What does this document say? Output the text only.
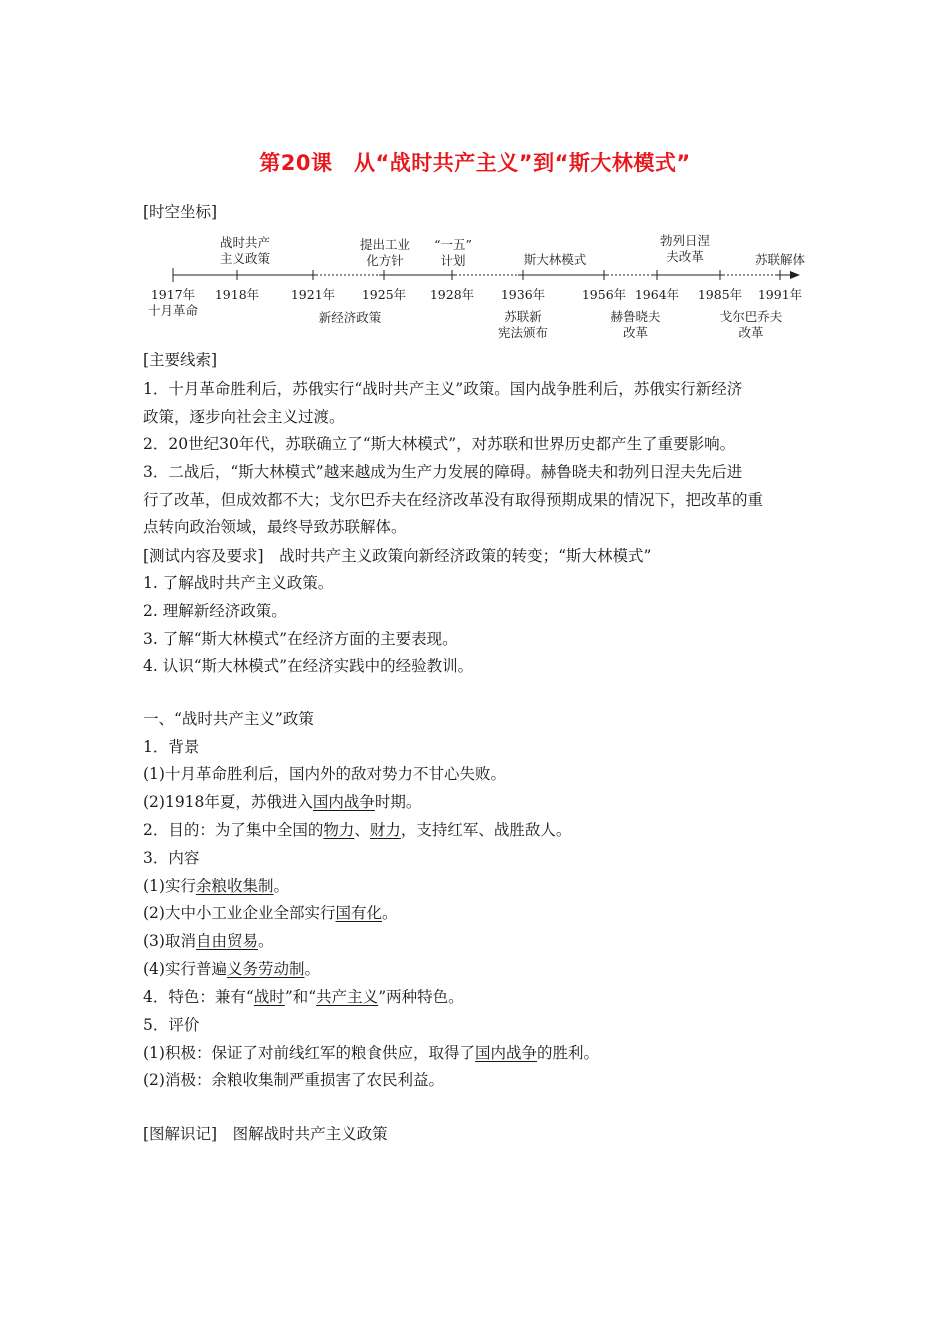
第20课　从“战时共产主义”到“斯大林模式”
[时空坐标]
战时共产
主义政策
提出工业
化方针
“一五”
计划	斯大林模式
勃列日涅
夫改革	苏联解体
1917年 1918年	1921年 1925年 1928年 1936年	1956年 1964年 1985年 1991年
十月革命	新经济政策	苏联新
宪法颁布
赫鲁晓夫
改革
戈尔巴乔夫
改革
[主要线索]
1．十月革命胜利后，苏俄实行“战时共产主义”政策。国内战争胜利后，苏俄实行新经济
政策，逐步向社会主义过渡。
2．20世纪30年代，苏联确立了“斯大林模式”，对苏联和世界历史都产生了重要影响。
3．二战后，“斯大林模式”越来越成为生产力发展的障碍。赫鲁晓夫和勃列日涅夫先后进
行了改革，但成效都不大；戈尔巴乔夫在经济改革没有取得预期成果的情况下，把改革的重
点转向政治领域，最终导致苏联解体。
[测试内容及要求]　战时共产主义政策向新经济政策的转变；“斯大林模式”
1. 了解战时共产主义政策。
2. 理解新经济政策。
3. 了解“斯大林模式”在经济方面的主要表现。
4. 认识“斯大林模式”在经济实践中的经验教训。
一、“战时共产主义”政策
1．背景
(1)十月革命胜利后，国内外的敌对势力不甘心失败。
(2)1918年夏，苏俄进入国内战争时期。
2．目的：为了集中全国的物力、财力，支持红军、战胜敌人。
3．内容
(1)实行余粮收集制。
(2)大中小工业企业全部实行国有化。
(3)取消自由贸易。
(4)实行普遍义务劳动制。
4．特色：兼有“战时”和“共产主义”两种特色。
5．评价
(1)积极：保证了对前线红军的粮食供应，取得了国内战争的胜利。
(2)消极：余粮收集制严重损害了农民利益。
[图解识记]　图解战时共产主义政策
